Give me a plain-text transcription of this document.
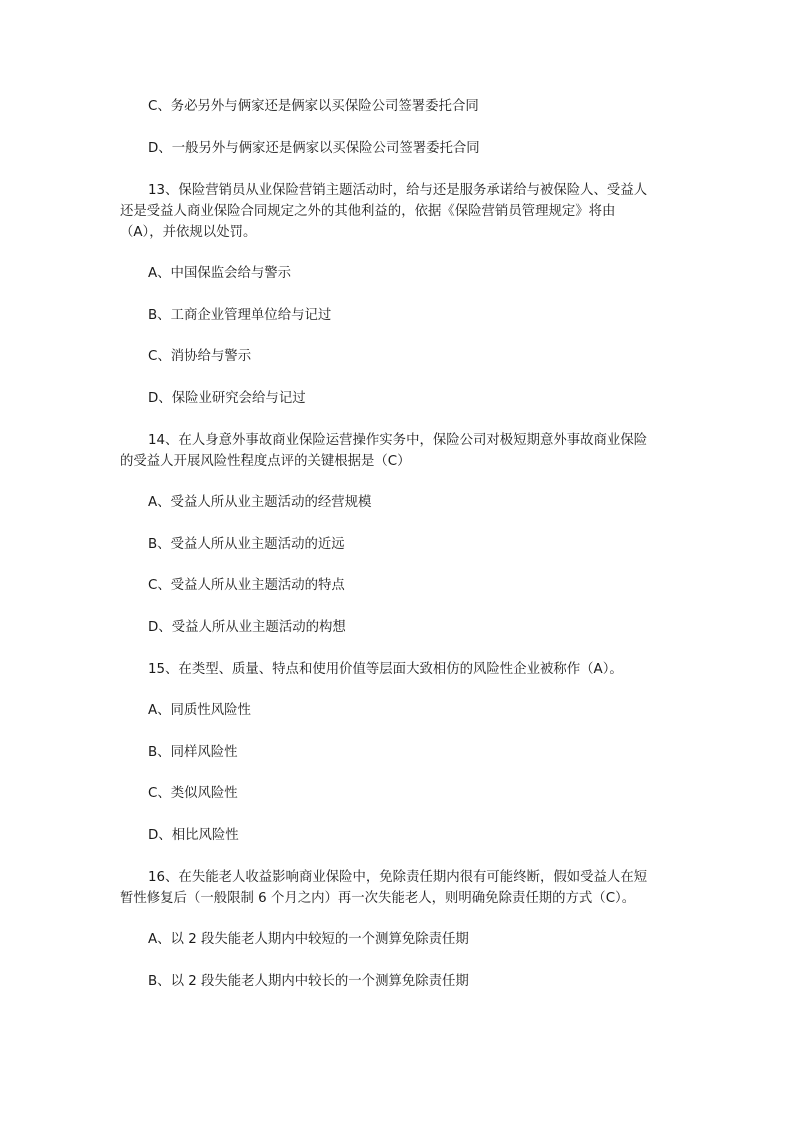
C、务必另外与俩家还是俩家以买保险公司签署委托合同
D、一般另外与俩家还是俩家以买保险公司签署委托合同
13、保险营销员从业保险营销主题活动时，给与还是服务承诺给与被保险人、受益人
还是受益人商业保险合同规定之外的其他利益的，依据《保险营销员管理规定》将由
（A），并依规以处罚。
A、中国保监会给与警示
B、工商企业管理单位给与记过
C、消协给与警示
D、保险业研究会给与记过
14、在人身意外事故商业保险运营操作实务中，保险公司对极短期意外事故商业保险
的受益人开展风险性程度点评的关键根据是（C）
A、受益人所从业主题活动的经营规模
B、受益人所从业主题活动的近远
C、受益人所从业主题活动的特点
D、受益人所从业主题活动的构想
15、在类型、质量、特点和使用价值等层面大致相仿的风险性企业被称作（A）。
A、同质性风险性
B、同样风险性
C、类似风险性
D、相比风险性
16、在失能老人收益影响商业保险中，免除责任期内很有可能终断，假如受益人在短
暂性修复后（一般限制 6 个月之内）再一次失能老人，则明确免除责任期的方式（C）。
A、以 2 段失能老人期内中较短的一个测算免除责任期
B、以 2 段失能老人期内中较长的一个测算免除责任期
